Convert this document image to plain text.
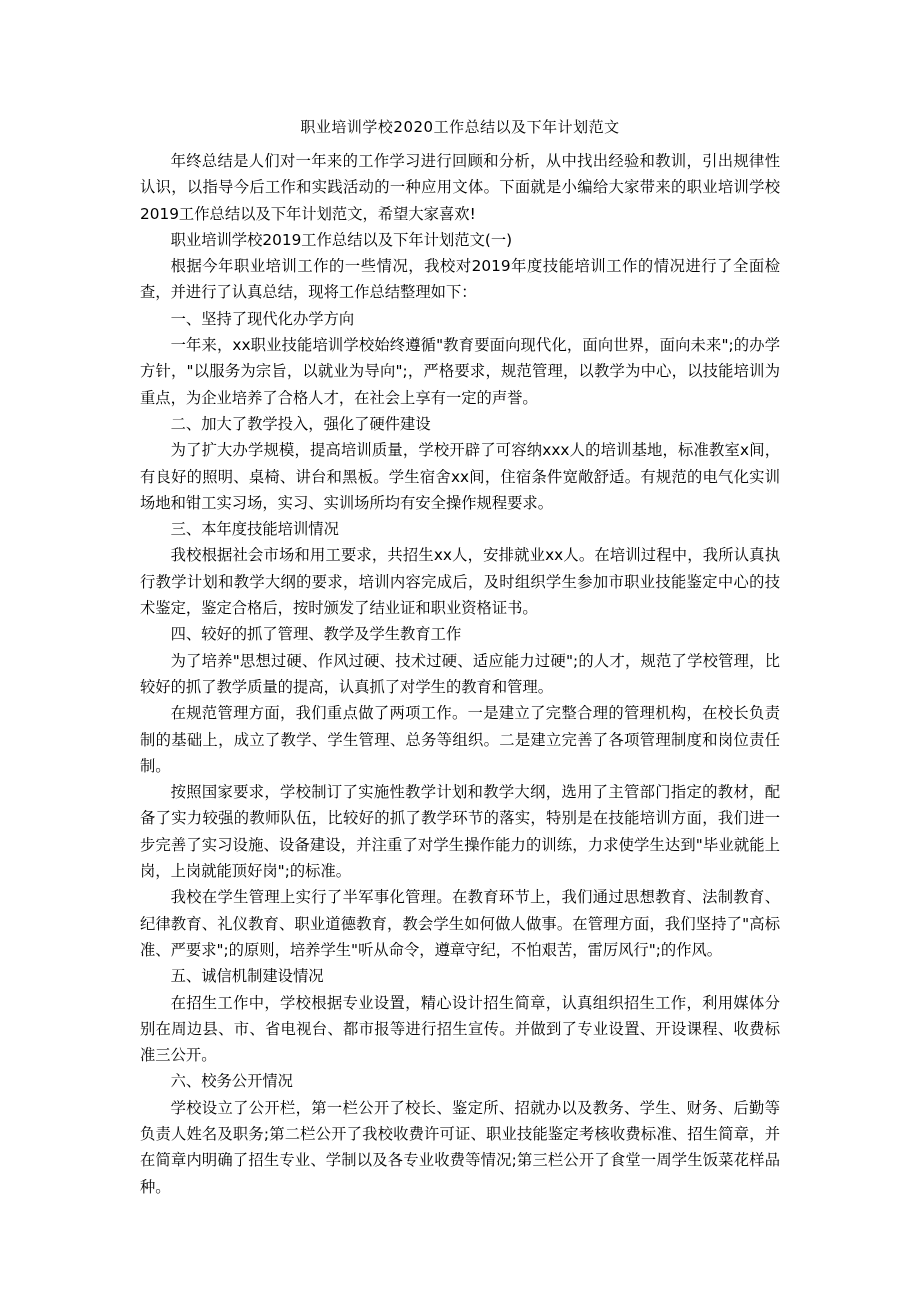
职业培训学校2020工作总结以及下年计划范文

年终总结是人们对一年来的工作学习进行回顾和分析，从中找出经验和教训，引出规律性认识，以指导今后工作和实践活动的一种应用文体。下面就是小编给大家带来的职业培训学校2019工作总结以及下年计划范文，希望大家喜欢!

职业培训学校2019工作总结以及下年计划范文(一)

根据今年职业培训工作的一些情况，我校对2019年度技能培训工作的情况进行了全面检查，并进行了认真总结，现将工作总结整理如下：

一、坚持了现代化办学方向

一年来，xx职业技能培训学校始终遵循"教育要面向现代化，面向世界，面向未来";的办学方针，"以服务为宗旨，以就业为导向";，严格要求，规范管理，以教学为中心，以技能培训为重点，为企业培养了合格人才，在社会上享有一定的声誉。

二、加大了教学投入，强化了硬件建设

为了扩大办学规模，提高培训质量，学校开辟了可容纳xxx人的培训基地，标准教室x间，有良好的照明、桌椅、讲台和黑板。学生宿舍xx间，住宿条件宽敞舒适。有规范的电气化实训场地和钳工实习场，实习、实训场所均有安全操作规程要求。

三、本年度技能培训情况

我校根据社会市场和用工要求，共招生xx人，安排就业xx人。在培训过程中，我所认真执行教学计划和教学大纲的要求，培训内容完成后，及时组织学生参加市职业技能鉴定中心的技术鉴定，鉴定合格后，按时颁发了结业证和职业资格证书。

四、较好的抓了管理、教学及学生教育工作

为了培养"思想过硬、作风过硬、技术过硬、适应能力过硬";的人才，规范了学校管理，比较好的抓了教学质量的提高，认真抓了对学生的教育和管理。

在规范管理方面，我们重点做了两项工作。一是建立了完整合理的管理机构，在校长负责制的基础上，成立了教学、学生管理、总务等组织。二是建立完善了各项管理制度和岗位责任制。

按照国家要求，学校制订了实施性教学计划和教学大纲，选用了主管部门指定的教材，配备了实力较强的教师队伍，比较好的抓了教学环节的落实，特别是在技能培训方面，我们进一步完善了实习设施、设备建设，并注重了对学生操作能力的训练，力求使学生达到"毕业就能上岗，上岗就能顶好岗";的标准。

我校在学生管理上实行了半军事化管理。在教育环节上，我们通过思想教育、法制教育、纪律教育、礼仪教育、职业道德教育，教会学生如何做人做事。在管理方面，我们坚持了"高标准、严要求";的原则，培养学生"听从命令，遵章守纪，不怕艰苦，雷厉风行";的作风。

五、诚信机制建设情况

在招生工作中，学校根据专业设置，精心设计招生简章，认真组织招生工作，利用媒体分别在周边县、市、省电视台、都市报等进行招生宣传。并做到了专业设置、开设课程、收费标准三公开。

六、校务公开情况

学校设立了公开栏，第一栏公开了校长、鉴定所、招就办以及教务、学生、财务、后勤等负责人姓名及职务;第二栏公开了我校收费许可证、职业技能鉴定考核收费标准、招生简章，并在简章内明确了招生专业、学制以及各专业收费等情况;第三栏公开了食堂一周学生饭菜花样品种。
